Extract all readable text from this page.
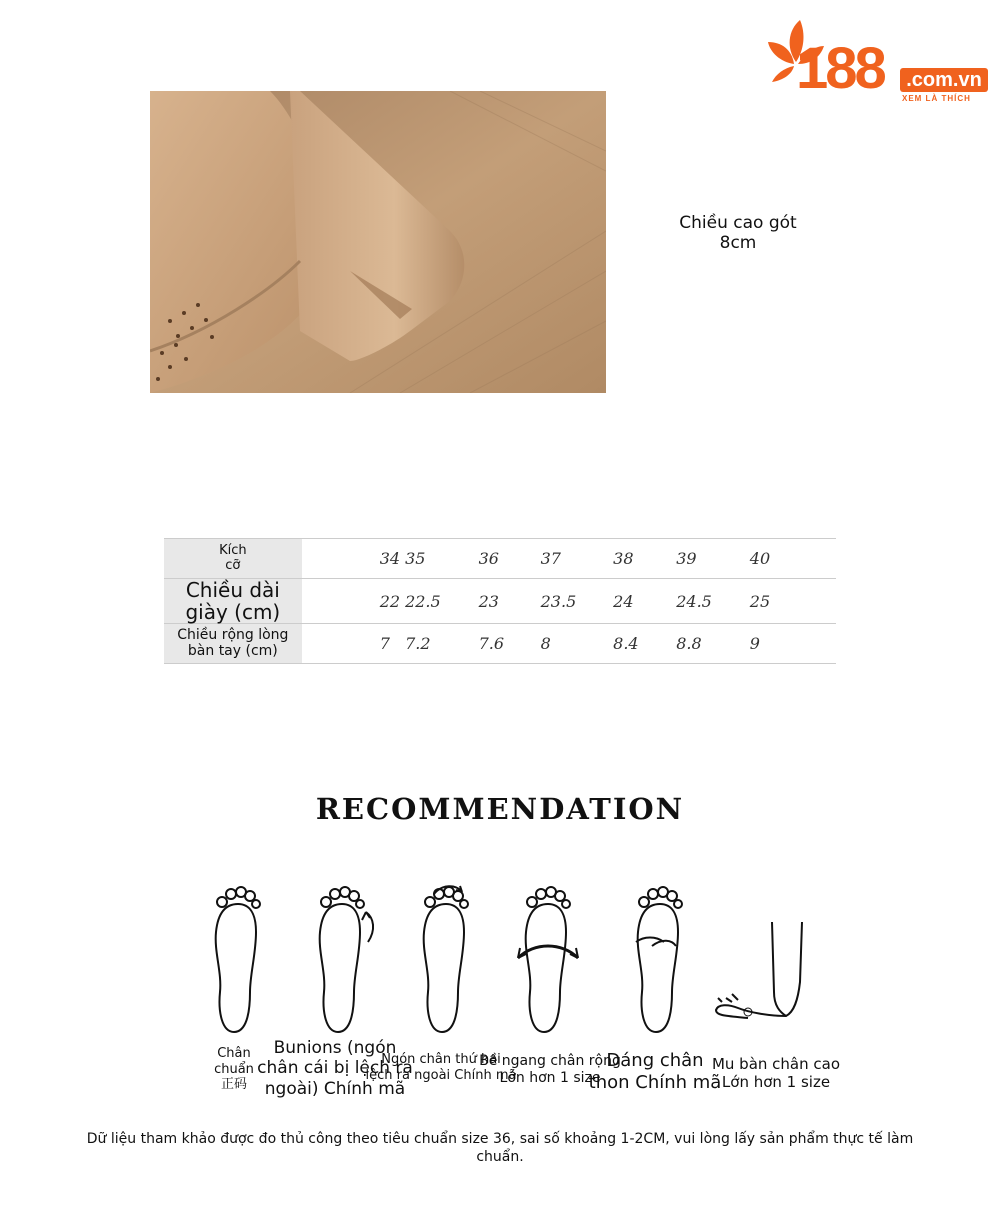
188	.com.vn
XEM LÀ THÍCH
Chiều cao gót
8cm
Kích
cỡ	34	35	36	37	38	39	40
Chiều dài
giày (cm)	22	22.5	23	23.5	24	24.5	25
Chiều rộng lòng
bàn tay (cm)	7	7.2	7.6	8	8.4	8.8	9
RECOMMENDATION
Chân
chuẩn
正码
Bunions (ngón
chân cái bị lệch ra
ngoài) Chính mã
Ngón chân thứ hai
lệch ra ngoài Chính mã
Bề ngang chân rộng
Lớn hơn 1 size
Dáng chân
thon Chính mã
Mu bàn chân cao
Lớn hơn 1 size
Dữ liệu tham khảo được đo thủ công theo tiêu chuẩn size 36, sai số khoảng 1-2CM, vui lòng lấy sản phẩm thực tế làm chuẩn.
